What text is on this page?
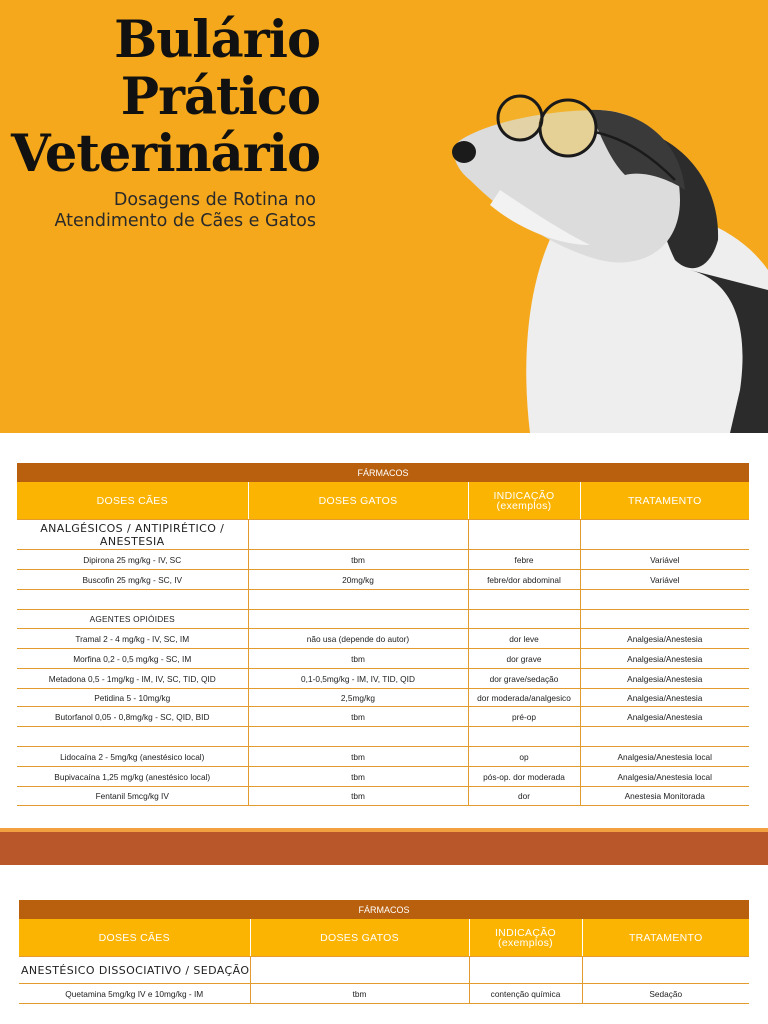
Bulário
Prático
Veterinário
Dosagens de Rotina no
Atendimento de Cães e Gatos
FÁRMACOS			
DOSES CÃES	DOSES GATOS	INDICAÇÃO (exemplos)	TRATAMENTO
ANALGÉSICOS / ANTIPIRÉTICO / ANESTESIA			
Dipirona 25 mg/kg - IV, SC	tbm	febre	Variável
Buscofin 25 mg/kg - SC, IV	20mg/kg	febre/dor abdominal	Variável

AGENTES OPIÓIDES			
Tramal 2 - 4 mg/kg - IV, SC, IM	não usa (depende do autor)	dor leve	Analgesia/Anestesia
Morfina 0,2 - 0,5 mg/kg - SC, IM	tbm	dor grave	Analgesia/Anestesia
Metadona 0,5 - 1mg/kg - IM, IV, SC, TID, QID	0,1-0,5mg/kg - IM, IV, TID, QID	dor grave/sedação	Analgesia/Anestesia
Petidina 5 - 10mg/kg	2,5mg/kg	dor moderada/analgesico	Analgesia/Anestesia
Butorfanol 0,05 - 0,8mg/kg - SC, QID, BID	tbm	pré-op	Analgesia/Anestesia

Lidocaína 2 - 5mg/kg (anestésico local)	tbm	op	Analgesia/Anestesia local
Bupivacaína 1,25 mg/kg (anestésico local)	tbm	pós-op. dor moderada	Analgesia/Anestesia local
Fentanil 5mcg/kg IV	tbm	dor	Anestesia Monitorada
FÁRMACOS			
DOSES CÃES	DOSES GATOS	INDICAÇÃO (exemplos)	TRATAMENTO
ANESTÉSICO DISSOCIATIVO / SEDAÇÃO			
Quetamina 5mg/kg IV e 10mg/kg - IM	tbm	contenção química	Sedação
